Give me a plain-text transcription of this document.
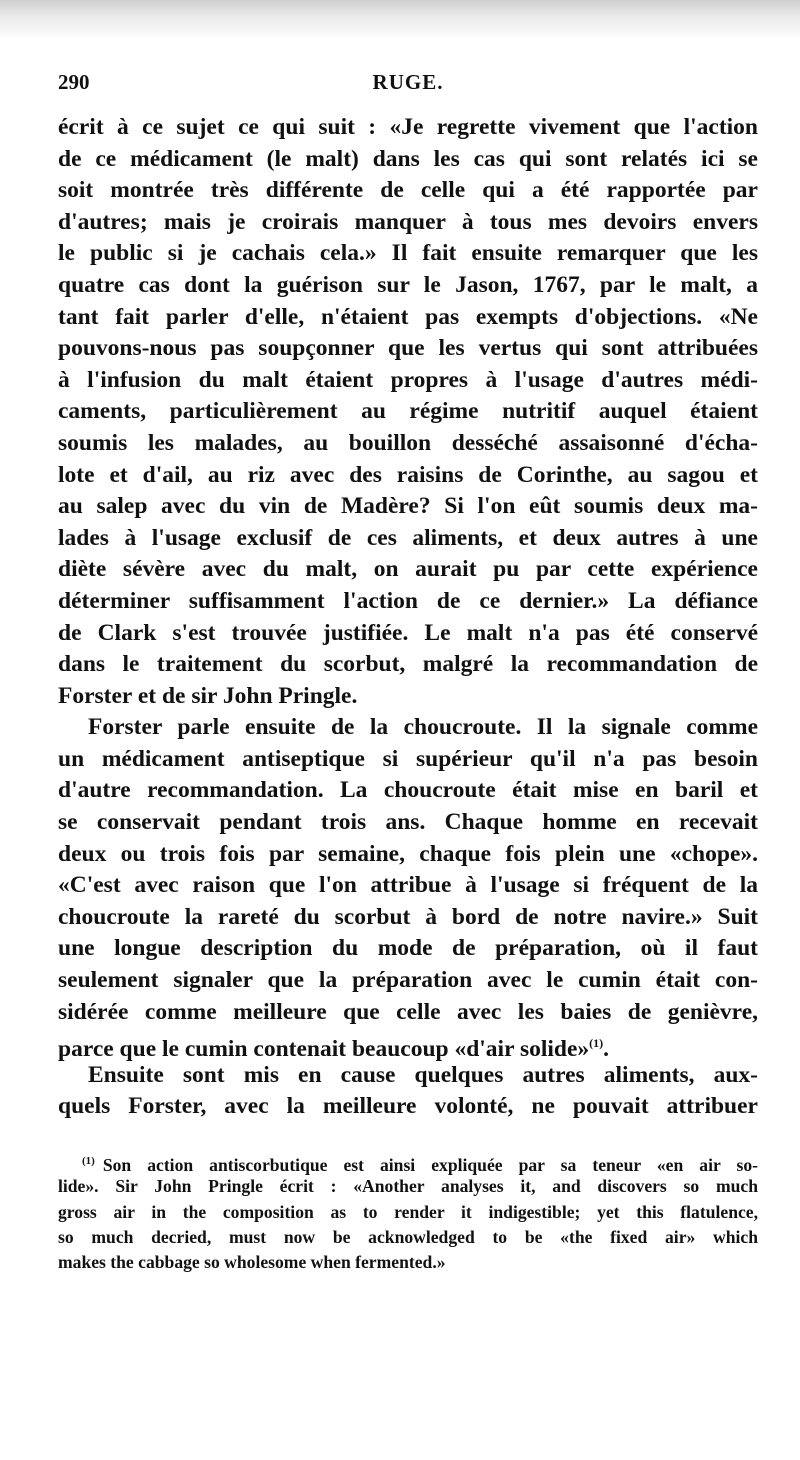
290	RUGE.
écrit à ce sujet ce qui suit : «Je regrette vivement que l'action
de ce médicament (le malt) dans les cas qui sont relatés ici se
soit montrée très différente de celle qui a été rapportée par
d'autres; mais je croirais manquer à tous mes devoirs envers
le public si je cachais cela.» Il fait ensuite remarquer que les
quatre cas dont la guérison sur le Jason, 1767, par le malt, a
tant fait parler d'elle, n'étaient pas exempts d'objections. «Ne
pouvons-nous pas soupçonner que les vertus qui sont attribuées
à l'infusion du malt étaient propres à l'usage d'autres médi-
caments, particulièrement au régime nutritif auquel étaient
soumis les malades, au bouillon desséché assaisonné d'écha-
lote et d'ail, au riz avec des raisins de Corinthe, au sagou et
au salep avec du vin de Madère? Si l'on eût soumis deux ma-
lades à l'usage exclusif de ces aliments, et deux autres à une
diète sévère avec du malt, on aurait pu par cette expérience
déterminer suffisamment l'action de ce dernier.» La défiance
de Clark s'est trouvée justifiée. Le malt n'a pas été conservé
dans le traitement du scorbut, malgré la recommandation de
Forster et de sir John Pringle.
Forster parle ensuite de la choucroute. Il la signale comme
un médicament antiseptique si supérieur qu'il n'a pas besoin
d'autre recommandation. La choucroute était mise en baril et
se conservait pendant trois ans. Chaque homme en recevait
deux ou trois fois par semaine, chaque fois plein une «chope».
«C'est avec raison que l'on attribue à l'usage si fréquent de la
choucroute la rareté du scorbut à bord de notre navire.» Suit
une longue description du mode de préparation, où il faut
seulement signaler que la préparation avec le cumin était con-
sidérée comme meilleure que celle avec les baies de genièvre,
parce que le cumin contenait beaucoup «d'air solide»$^{(1)}$.
Ensuite sont mis en cause quelques autres aliments, aux-
quels Forster, avec la meilleure volonté, ne pouvait attribuer
$^{(1)}$ Son action antiscorbutique est ainsi expliquée par sa teneur «en air so-
lide». Sir John Pringle écrit : «Another analyses it, and discovers so much
gross air in the composition as to render it indigestible; yet this flatulence,
so much decried, must now be acknowledged to be «the fixed air» which
makes the cabbage so wholesome when fermented.»
